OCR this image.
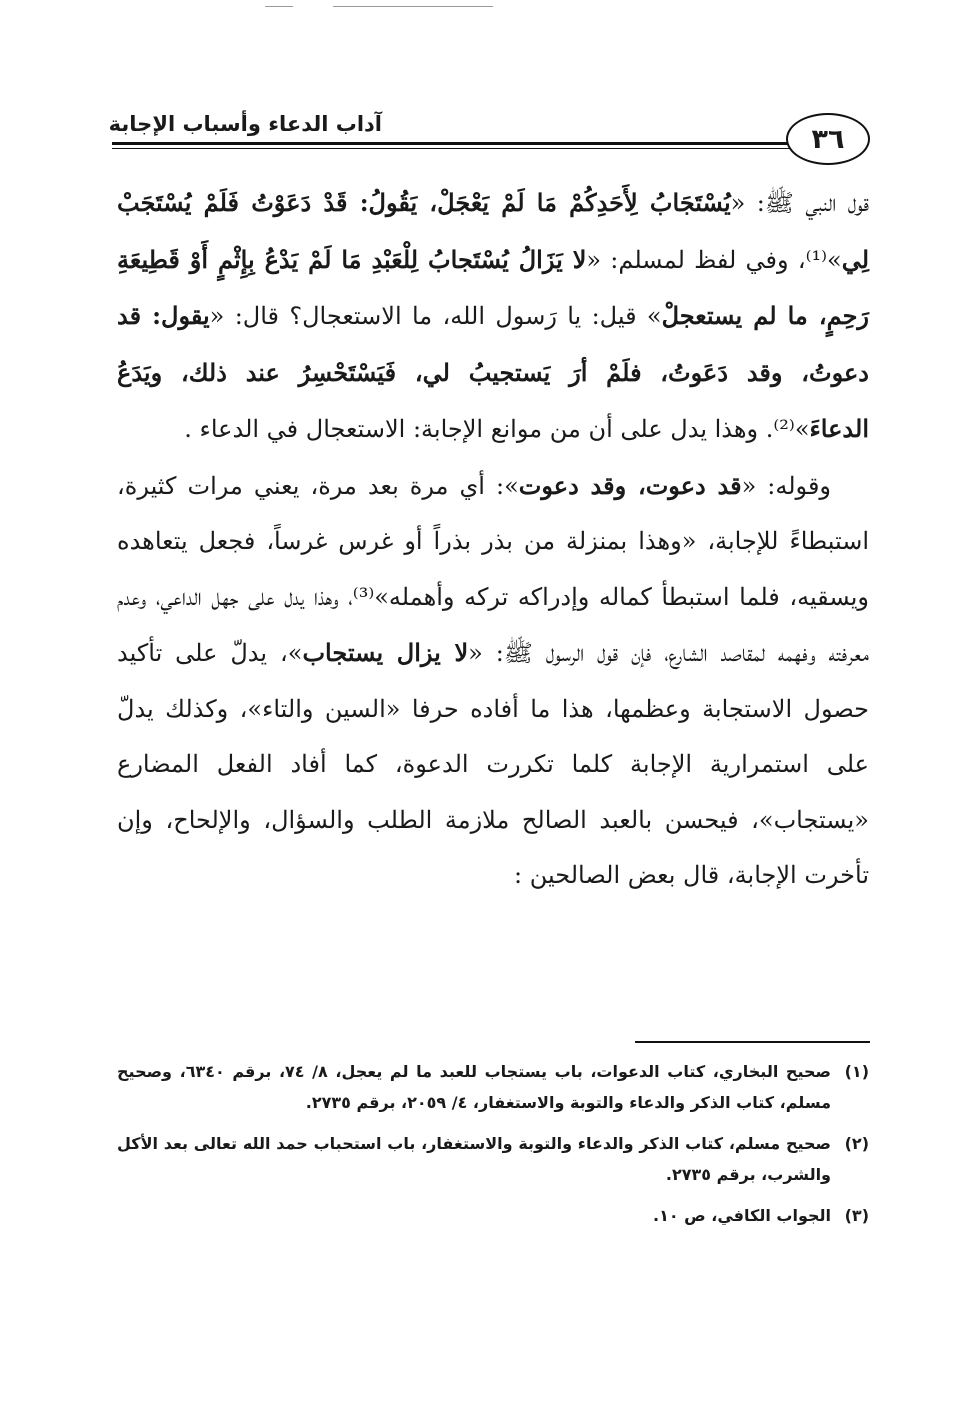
آداب الدعاء وأسباب الإجابة	٣٦

قول النبي ﷺ: «يُسْتَجَابُ لِأَحَدِكُمْ مَا لَمْ يَعْجَلْ، يَقُولُ: قَدْ دَعَوْتُ فَلَمْ يُسْتَجَبْ لِي»⁽¹⁾، وفي لفظ لمسلم: «لا يَزَالُ يُسْتَجابُ لِلْعَبْدِ مَا لَمْ يَدْعُ بِإِثْمٍ أَوْ قَطِيعَةِ رَحِمٍ، ما لم يستعجلْ» قيل: يا رَسول الله، ما الاستعجال؟ قال: «يقول: قد دعوتُ، وقد دَعَوتُ، فلَمْ أرَ يَستجيبُ لي، فَيَسْتَحْسِرُ عند ذلك، ويَدَعُ الدعاءَ»⁽²⁾. وهذا يدل على أن من موانع الإجابة: الاستعجال في الدعاء .

وقوله: «قد دعوت، وقد دعوت»: أي مرة بعد مرة، يعني مرات كثيرة، استبطاءً للإجابة، «وهذا بمنزلة من بذر بذراً أو غرس غرساً، فجعل يتعاهده ويسقيه، فلما استبطأ كماله وإدراكه تركه وأهمله»⁽³⁾، وهذا يدل على جهل الداعي، وعدم معرفته وفهمه لمقاصد الشارع، فإن قول الرسول ﷺ: «لا يزال يستجاب»، يدلّ على تأكيد حصول الاستجابة وعظمها، هذا ما أفاده حرفا «السين والتاء»، وكذلك يدلّ على استمرارية الإجابة كلما تكررت الدعوة، كما أفاد الفعل المضارع «يستجاب»، فيحسن بالعبد الصالح ملازمة الطلب والسؤال، والإلحاح، وإن تأخرت الإجابة، قال بعض الصالحين :

(١)
صحيح البخاري، كتاب الدعوات، باب يستجاب للعبد ما لم يعجل، ٨/ ٧٤، برقم ٦٣٤٠، وصحيح مسلم، كتاب الذكر والدعاء والتوبة والاستغفار، ٤/ ٢٠٥٩، برقم ٢٧٣٥.
(٢)
صحيح مسلم، كتاب الذكر والدعاء والتوبة والاستغفار، باب استحباب حمد الله تعالى بعد الأكل والشرب، برقم ٢٧٣٥.
(٣)
الجواب الكافي، ص ١٠.
